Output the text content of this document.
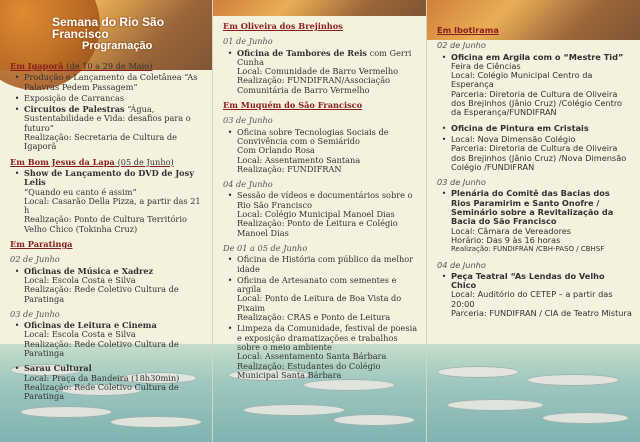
Semana do Rio São Francisco
Programação
Em Igaporã (de 10 a 29 de Maio)
• Produção e Lançamento da Coletânea “As Palavras Pedem Passagem”
• Exposição de Carrancas
• Circuitos de Palestras “Água, Sustentabilidade e Vida: desafios para o futuro”
Realização: Secretaria de Cultura de Igaporã
Em Bom Jesus da Lapa (05 de Junho)
• Show de Lançamento do DVD de Josy Lelis
“Quando eu canto é assim”
Local: Casarão Della Pizza, a partir das 21 h
Realização: Ponto de Cultura Território Velho Chico (Tokinha Cruz)
Em Paratinga
02 de Junho
• Oficinas de Música e Xadrez
Local: Escola Costa e Silva
Realização: Rede Coletivo Cultura de Paratinga
03 de Junho
• Oficinas de Leitura e Cinema
Local: Escola Costa e Silva
Realização: Rede Coletivo Cultura de Paratinga
• Sarau Cultural
Local: Praça da Bandeira (18h30min)
Realização: Rede Coletivo Cultura de Paratinga
Em Oliveira dos Brejinhos
01 de Junho
• Oficina de Tambores de Reis com Gerri Cunha
Local: Comunidade de Barro Vermelho
Realização: FUNDIFRAN/Associação Comunitária de Barro Vermelho
Em Muquém do São Francisco
03 de Junho
• Oficina sobre Tecnologias Sociais de Convivência com o Semiárido
Com Orlando Rosa
Local: Assentamento Santana
Realização: FUNDIFRAN
04 de Junho
• Sessão de vídeos e documentários sobre o Rio São Francisco
Local: Colégio Municipal Manoel Dias
Realização: Ponto de Leitura e Colégio Manoel Dias
De 01 a 05 de Junho
• Oficina de História com público da melhor idade
• Oficina de Artesanato com sementes e argila
Local: Ponto de Leitura de Boa Vista do Pixaim
Realização: CRAS e Ponto de Leitura
• Limpeza da Comunidade, festival de poesia e exposição dramatizações e trabalhos sobre o meio ambiente
Local: Assentamento Santa Bárbara
Realização: Estudantes do Colégio Municipal Santa Bárbara
Em Ibotirama
02 de Junho
• Oficina em Argila com o “Mestre Tid”
Feira de Ciências
Local: Colégio Municipal Centro da Esperança
Parceria: Diretoria de Cultura de Oliveira dos Brejinhos (Jânio Cruz) /Colégio Centro da Esperança/FUNDIFRAN
• Oficina de Pintura em Cristais
• Local: Nova Dimensão Colégio
Parceria: Diretoria de Cultura de Oliveira dos Brejinhos (Jânio Cruz) /Nova Dimensão Colégio /FUNDIFRAN
03 de Junho
• Plenária do Comitê das Bacias dos Rios Paramirim e Santo Onofre / Seminário sobre a Revitalização da Bacia do São Francisco
Local: Câmara de Vereadores
Horário: Das 9 às 16 horas
Realização: FUNDIFRAN /CBH-PASO / CBHSF
04 de Junho
• Peça Teatral “As Lendas do Velho Chico
Local: Auditório do CETEP – a partir das 20:00
Parceria: FUNDIFRAN / CIA de Teatro Mistura
